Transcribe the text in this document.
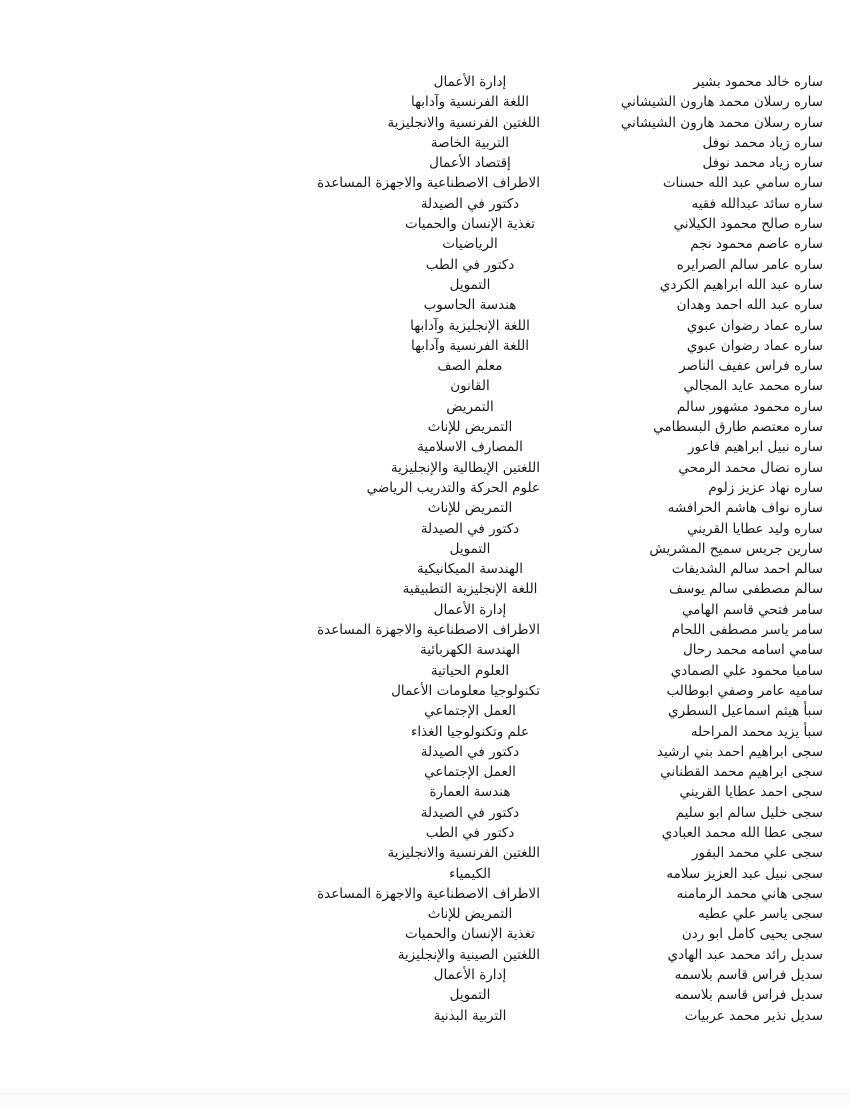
ساره خالد محمود بشير
إدارة الأعمال
ساره رسلان محمد هارون الشيشاني
اللغة الفرنسية وآدابها
ساره رسلان محمد هارون الشيشاني
اللغتين الفرنسية والانجليزية
ساره زياد محمد نوفل
التربية الخاصة
ساره زياد محمد نوفل
إقتصاد الأعمال
ساره سامي عبد الله حسنات
الاطراف الاصطناعية والاجهزة المساعدة
ساره سائد عبدالله فقيه
دكتور في الصيدلة
ساره صالح محمود الكيلاني
تغذية الإنسان والحميات
ساره عاصم محمود نجم
الرياضيات
ساره عامر سالم الصرايره
دكتور في الطب
ساره عبد الله ابراهيم الكردي
التمويل
ساره عبد الله احمد وهدان
هندسة الحاسوب
ساره عماد رضوان عبوي
اللغة الإنجليزية وآدابها
ساره عماد رضوان عبوي
اللغة الفرنسية وآدابها
ساره فراس عفيف الناصر
معلم الصف
ساره محمد عايد المجالي
القانون
ساره محمود مشهور سالم
التمريض
ساره معتصم طارق البسطامي
التمريض للإناث
ساره نبيل ابراهيم فاعور
المصارف الاسلامية
ساره نضال محمد الرمحي
اللغتين الإيطالية والإنجليزية
ساره نهاد عزيز زلوم
علوم الحركة والتدريب الرياضي
ساره نواف هاشم الحرافشه
التمريض للإناث
ساره وليد عطايا القريني
دكتور في الصيدلة
سارين جريس سميح المشريش
التمويل
سالم احمد سالم الشديفات
الهندسة الميكانيكية
سالم مصطفى سالم يوسف
اللغة الإنجليزية التطبيقية
سامر فتحي قاسم الهامي
إدارة الأعمال
سامر ياسر مصطفى اللحام
الاطراف الاصطناعية والاجهزة المساعدة
سامي اسامه محمد رحال
الهندسة الكهربائية
ساميا محمود علي الصمادي
العلوم الحياتية
ساميه عامر وصفي ابوطالب
تكنولوجيا معلومات الأعمال
سبأ هيثم اسماعيل السطري
العمل الإجتماعي
سبأ يزيد محمد المراحله
علم وتكنولوجيا الغذاء
سجى ابراهيم احمد بني ارشيد
دكتور في الصيدلة
سجى ابراهيم محمد القطناني
العمل الإجتماعي
سجى احمد عطايا القريني
هندسة العمارة
سجى خليل سالم ابو سليم
دكتور في الصيدلة
سجى عطا الله محمد العبادي
دكتور في الطب
سجى علي محمد البقور
اللغتين الفرنسية والانجليزية
سجى نبيل عبد العزيز سلامه
الكيمياء
سجى هاني محمد الرمامنه
الاطراف الاصطناعية والاجهزة المساعدة
سجى ياسر علي عطيه
التمريض للإناث
سجى يحيى كامل ابو ردن
تغذية الإنسان والحميات
سديل رائد محمد عبد الهادي
اللغتين الصينية والإنجليزية
سديل فراس قاسم بلاسمه
إدارة الأعمال
سديل فراس قاسم بلاسمه
التمويل
سديل نذير محمد عربيات
التربية البدنية
